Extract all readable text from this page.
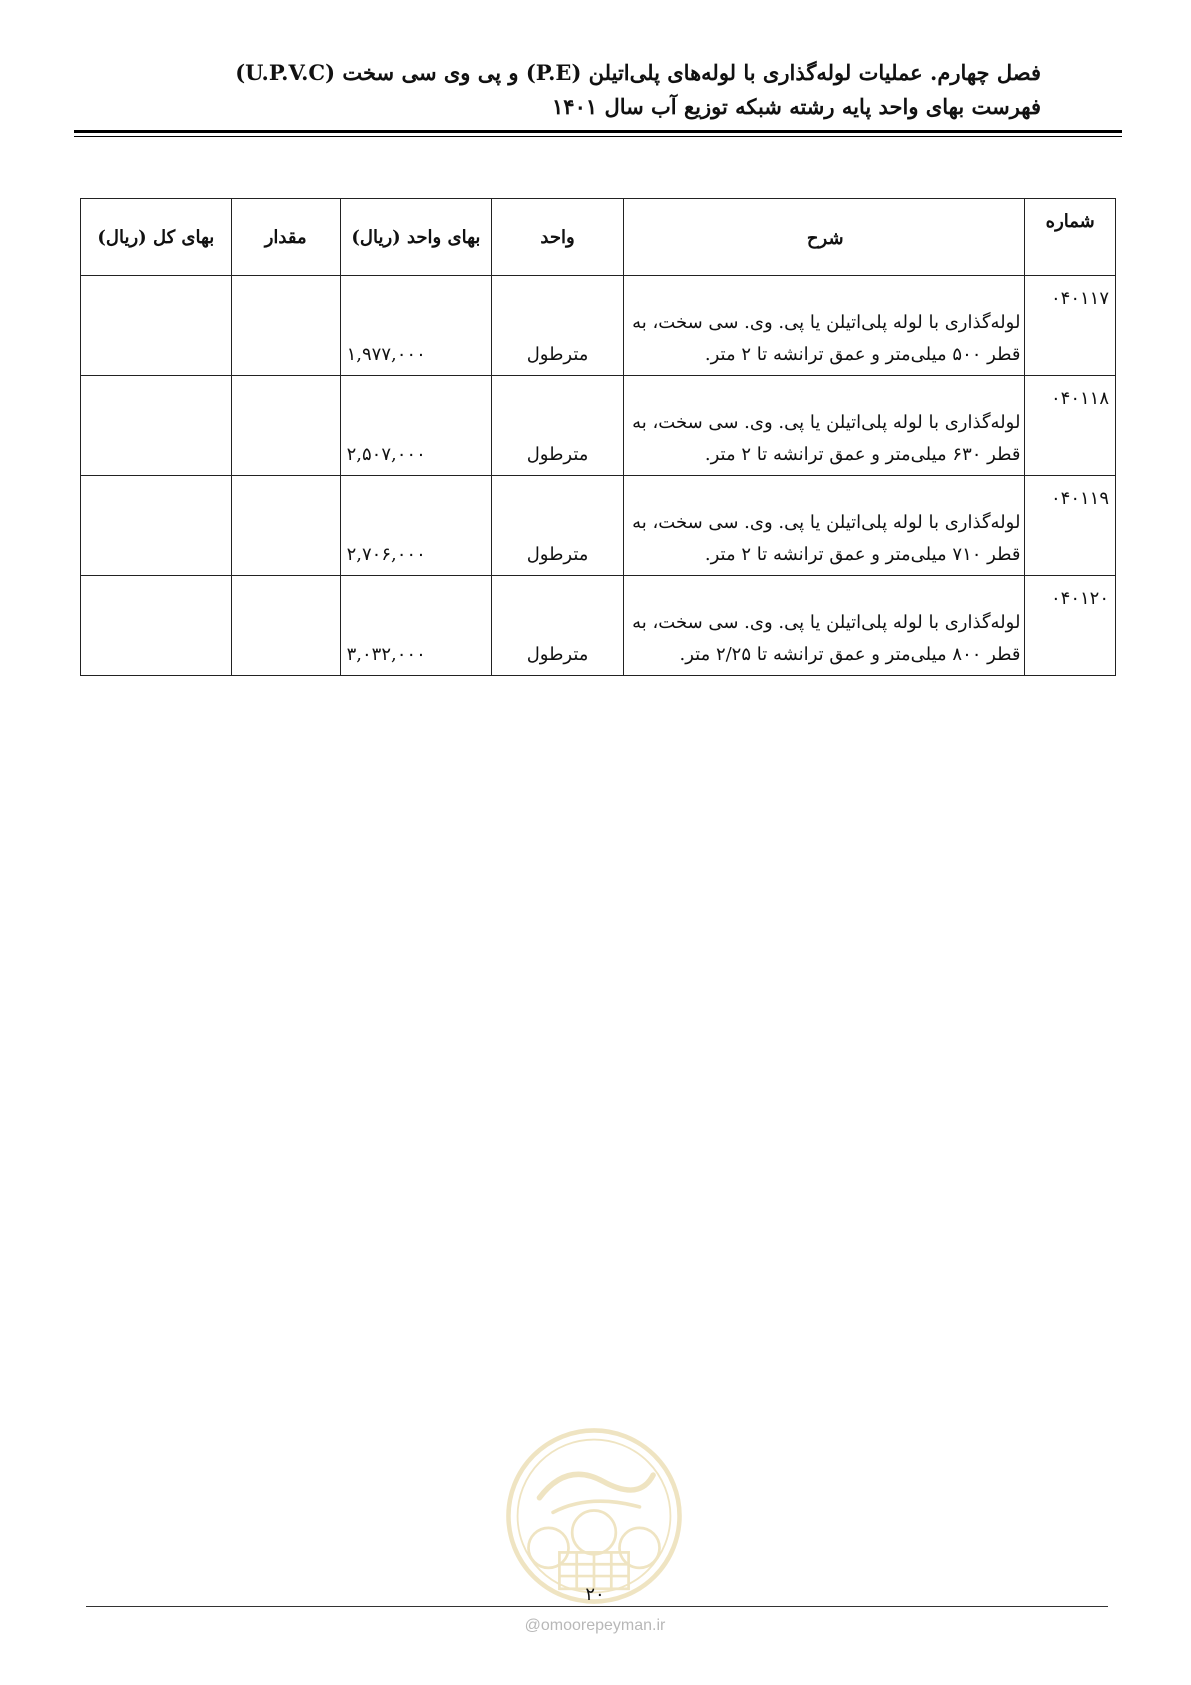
فصل چهارم. عملیات لوله‌گذاری با لوله‌های پلی‌اتیلن (P.E) و پی وی سی سخت (U.P.V.C)
فهرست بهای واحد پایه رشته شبکه توزیع آب سال ۱۴۰۱
شماره	شرح	واحد	بهای واحد (ریال)	مقدار	بهای کل (ریال)
۰۴۰۱۱۷	لوله‌گذاری با لوله پلی‌اتیلن یا پی. وی. سی سخت، به قطر ۵۰۰ میلی‌متر و عمق ترانشه تا ۲ متر.	مترطول	۱,۹۷۷,۰۰۰		
۰۴۰۱۱۸	لوله‌گذاری با لوله پلی‌اتیلن یا پی. وی. سی سخت، به قطر ۶۳۰ میلی‌متر و عمق ترانشه تا ۲ متر.	مترطول	۲,۵۰۷,۰۰۰		
۰۴۰۱۱۹	لوله‌گذاری با لوله پلی‌اتیلن یا پی. وی. سی سخت، به قطر ۷۱۰ میلی‌متر و عمق ترانشه تا ۲ متر.	مترطول	۲,۷۰۶,۰۰۰		
۰۴۰۱۲۰	لوله‌گذاری با لوله پلی‌اتیلن یا پی. وی. سی سخت، به قطر ۸۰۰ میلی‌متر و عمق ترانشه تا ۲/۲۵ متر.	مترطول	۳,۰۳۲,۰۰۰		
۲۰
@omoorepeyman.ir
